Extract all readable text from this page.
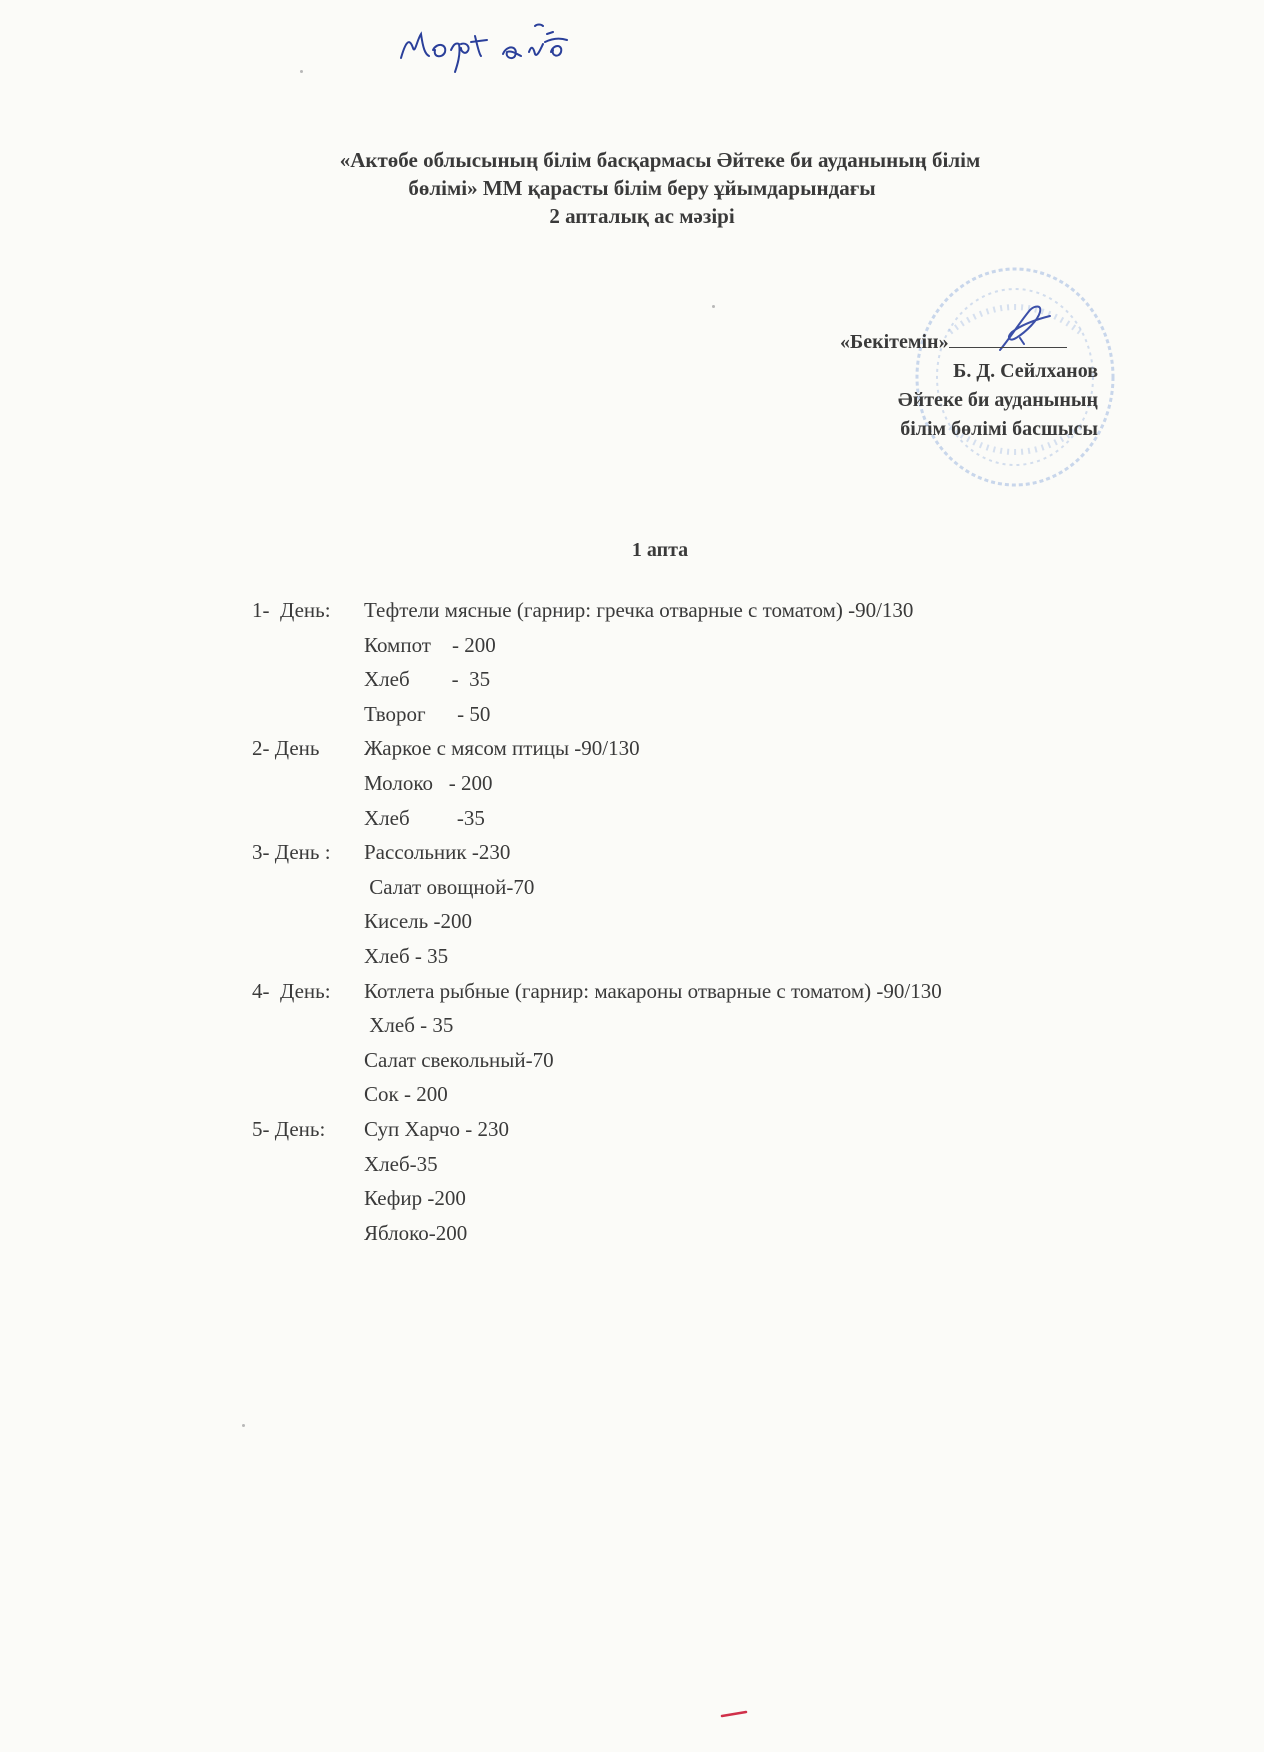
«Актөбе облысының білім басқармасы Әйтеке би ауданының білім
бөлімі» ММ қарасты білім беру ұйымдарындағы
2 апталық ас мәзірі
«Бекітемін»
Б. Д. Сейлханов
Әйтеке би ауданының
білім бөлімі басшысы
1 апта
1-  День: Тефтели мясные (гарнир: гречка отварные с томатом) -90/130
Компот    - 200
Хлеб        -  35
Творог      - 50
2- День Жаркое с мясом птицы -90/130
Молоко   - 200
Хлеб         -35
3- День : Рассольник -230
Салат овощной-70
Кисель -200
Хлеб - 35
4-  День: Котлета рыбные (гарнир: макароны отварные с томатом) -90/130
Хлеб - 35
Салат свекольный-70
Сок - 200
5- День: Суп Харчо - 230
Хлеб-35
Кефир -200
Яблоко-200
